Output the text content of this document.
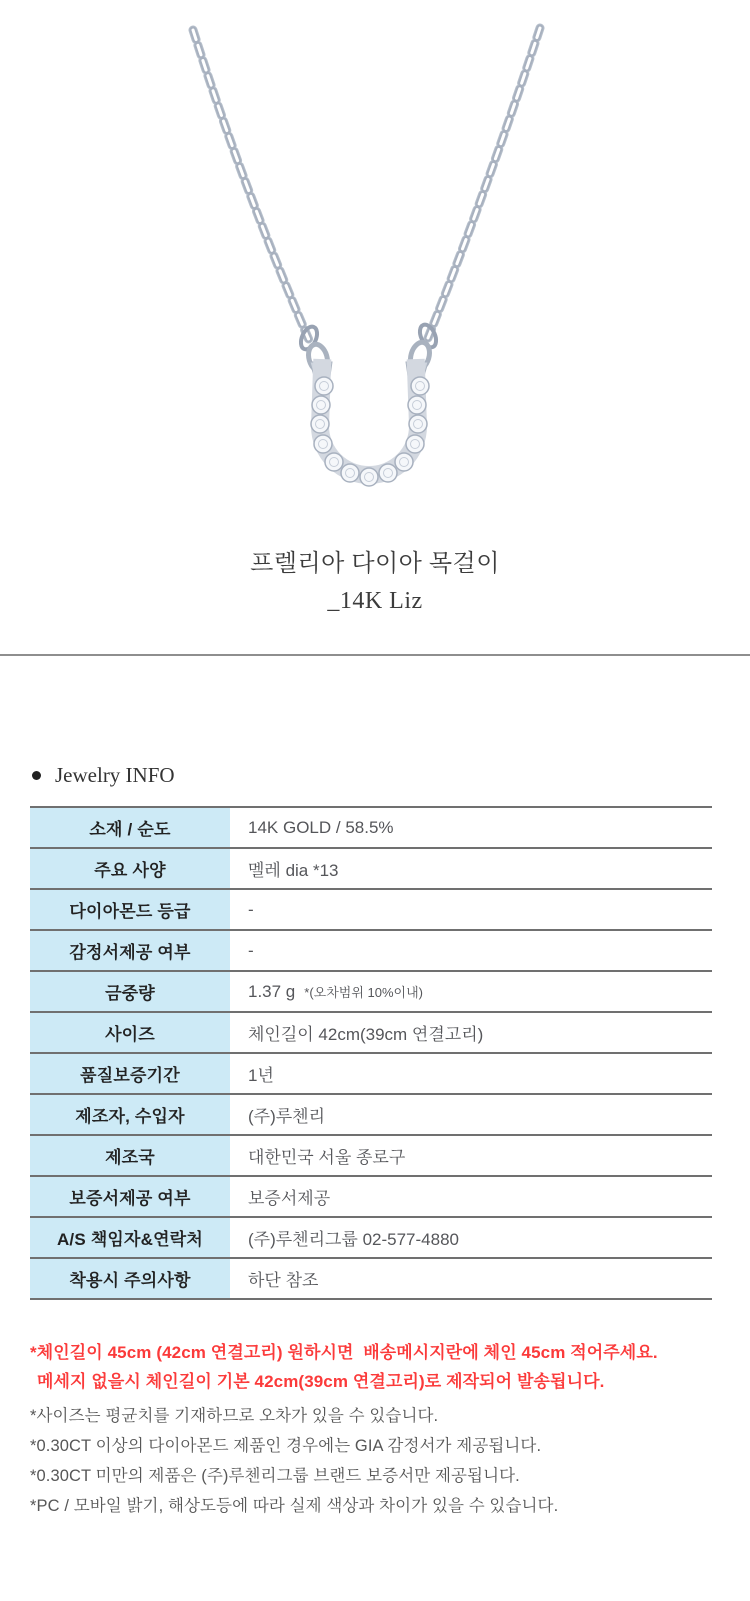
프렐리아 다이아 목걸이
_14K Liz
Jewelry INFO
소재 / 순도	14K GOLD / 58.5%
주요 사양	멜레 dia *13
다이아몬드 등급	-
감정서제공 여부	-
금중량	1.37 g *(오차범위 10%이내)
사이즈	체인길이 42cm(39cm 연결고리)
품질보증기간	1년
제조자, 수입자	(주)루첸리
제조국	대한민국 서울 종로구
보증서제공 여부	보증서제공
A/S 책임자&연락처	(주)루첸리그룹 02-577-4880
착용시 주의사항	하단 참조

*체인길이 45cm (42cm 연결고리) 원하시면  배송메시지란에 체인 45cm 적어주세요.

메세지 없을시 체인길이 기본 42cm(39cm 연결고리)로 제작되어 발송됩니다.

*사이즈는 평균치를 기재하므로 오차가 있을 수 있습니다.

*0.30CT 이상의 다이아몬드 제품인 경우에는 GIA 감정서가 제공됩니다.

*0.30CT 미만의 제품은 (주)루첸리그룹 브랜드 보증서만 제공됩니다.

*PC / 모바일 밝기, 해상도등에 따라 실제 색상과 차이가 있을 수 있습니다.
